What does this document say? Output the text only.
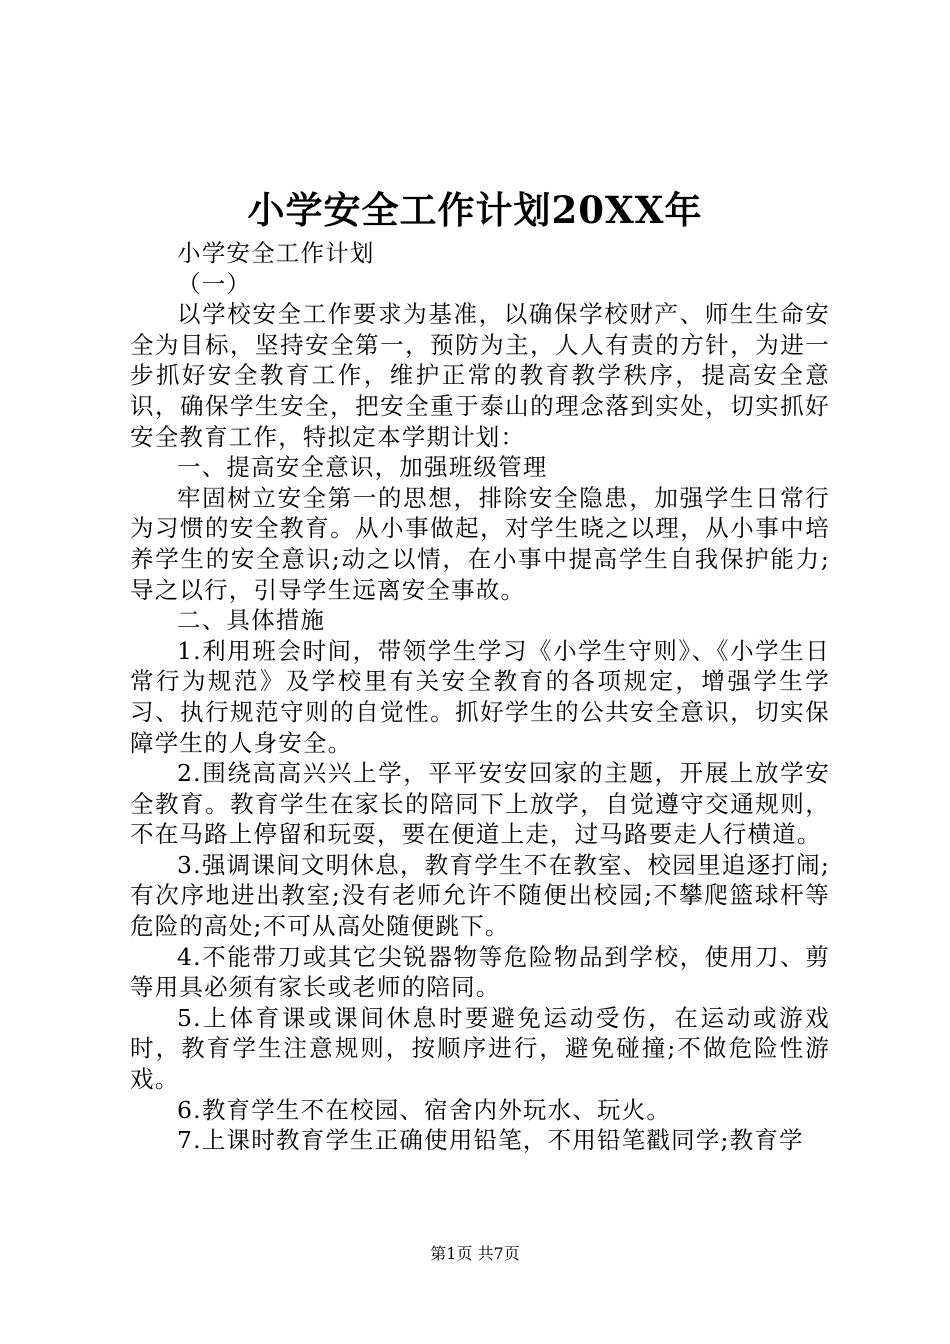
小学安全工作计划20XX年

小学安全工作计划

（一）

以学校安全工作要求为基准，以确保学校财产、师生生命安全为目标，坚持安全第一，预防为主，人人有责的方针，为进一步抓好安全教育工作，维护正常的教育教学秩序，提高安全意识，确保学生安全，把安全重于泰山的理念落到实处，切实抓好安全教育工作，特拟定本学期计划：

一、提高安全意识，加强班级管理

牢固树立安全第一的思想，排除安全隐患，加强学生日常行为习惯的安全教育。从小事做起，对学生晓之以理，从小事中培养学生的安全意识;动之以情，在小事中提高学生自我保护能力;导之以行，引导学生远离安全事故。

二、具体措施

1.利用班会时间，带领学生学习《小学生守则》、《小学生日常行为规范》及学校里有关安全教育的各项规定，增强学生学习、执行规范守则的自觉性。抓好学生的公共安全意识，切实保障学生的人身安全。

2.围绕高高兴兴上学，平平安安回家的主题，开展上放学安全教育。教育学生在家长的陪同下上放学，自觉遵守交通规则，不在马路上停留和玩耍，要在便道上走，过马路要走人行横道。

3.强调课间文明休息，教育学生不在教室、校园里追逐打闹;有次序地进出教室;没有老师允许不随便出校园;不攀爬篮球杆等危险的高处;不可从高处随便跳下。

4.不能带刀或其它尖锐器物等危险物品到学校，使用刀、剪等用具必须有家长或老师的陪同。

5.上体育课或课间休息时要避免运动受伤，在运动或游戏时，教育学生注意规则，按顺序进行，避免碰撞;不做危险性游戏。

6.教育学生不在校园、宿舍内外玩水、玩火。

7.上课时教育学生正确使用铅笔，不用铅笔戳同学;教育学

第1页 共7页
